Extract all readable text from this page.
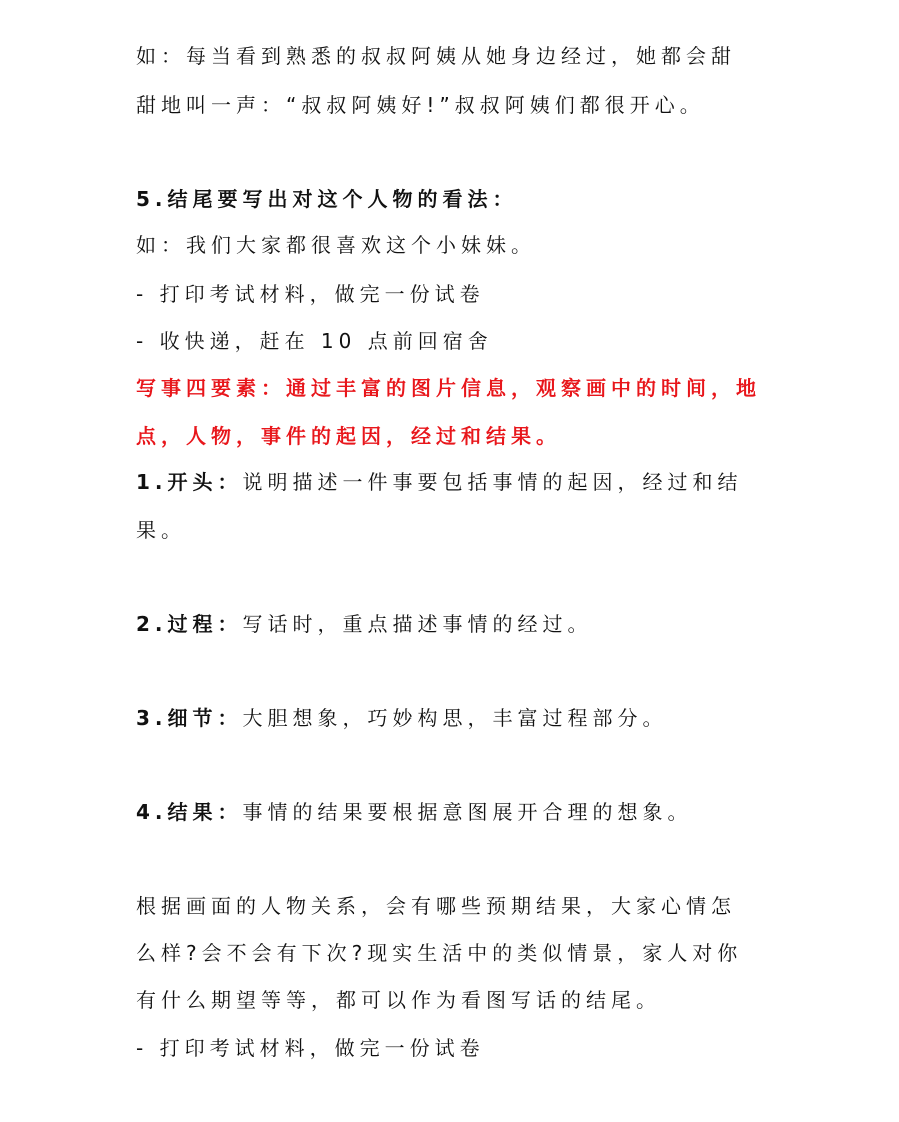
如：每当看到熟悉的叔叔阿姨从她身边经过，她都会甜
甜地叫一声：“叔叔阿姨好!”叔叔阿姨们都很开心。
5.结尾要写出对这个人物的看法：
如：我们大家都很喜欢这个小妹妹。
- 打印考试材料，做完一份试卷
- 收快递，赶在 10 点前回宿舍
写事四要素：通过丰富的图片信息，观察画中的时间，地
点，人物，事件的起因，经过和结果。
1.开头：说明描述一件事要包括事情的起因，经过和结
果。
2.过程：写话时，重点描述事情的经过。
3.细节：大胆想象，巧妙构思，丰富过程部分。
4.结果：事情的结果要根据意图展开合理的想象。
根据画面的人物关系，会有哪些预期结果，大家心情怎
么样?会不会有下次?现实生活中的类似情景，家人对你
有什么期望等等，都可以作为看图写话的结尾。
- 打印考试材料，做完一份试卷
